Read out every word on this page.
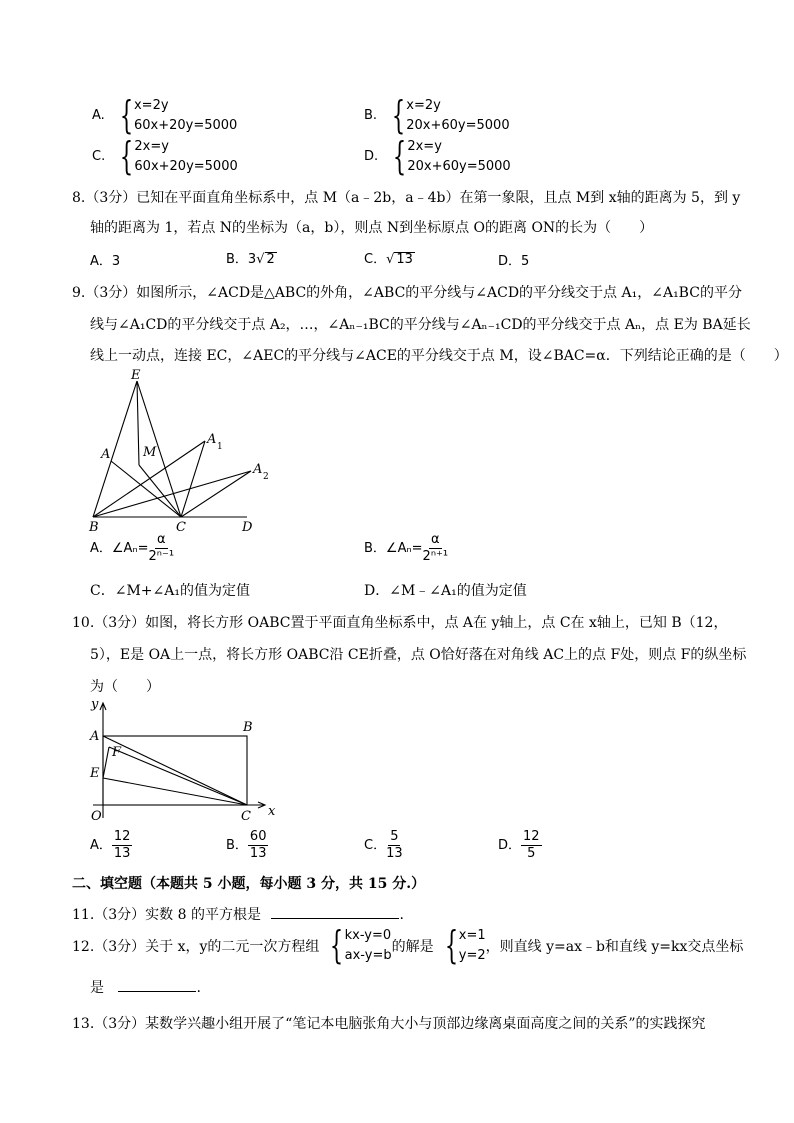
A. { x=2y
60x+20y=5000
B. { x=2y
20x+60y=5000
C. { 2x=y
60x+20y=5000
D. { 2x=y
20x+60y=5000
8.（3分）已知在平面直角坐标系中，点 M（a﹣2b，a﹣4b）在第一象限，且点 M到 x轴的距离为 5，到 y
轴的距离为 1，若点 N的坐标为（a，b），则点 N到坐标原点 O的距离 ON的长为（　　）
A．3	B．3√ 2	C．√ 13	D．5
9.（3分）如图所示，∠ACD是△ABC的外角，∠ABC的平分线与∠ACD的平分线交于点 A₁，∠A₁BC的平分
线与∠A₁CD的平分线交于点 A₂，…，∠Aₙ₋₁BC的平分线与∠Aₙ₋₁CD的平分线交于点 Aₙ，点 E为 BA延长
线上一动点，连接 EC，∠AEC的平分线与∠ACE的平分线交于点 M，设∠BAC=α．下列结论正确的是（　　）
E
A	M
A 1
A 2
B	C	D
A．∠Aₙ= $\frac{\alpha}{\text{2ⁿ⁻¹}}$	B．∠Aₙ= $\frac{\alpha}{\text{2ⁿ⁺¹}}$
C．∠M+∠A₁的值为定值	D．∠M﹣∠A₁的值为定值
10.（3分）如图，将长方形 OABC置于平面直角坐标系中，点 A在 y轴上，点 C在 x轴上，已知 B（12，
5），E是 OA上一点，将长方形 OABC沿 CE折叠，点 O恰好落在对角线 AC上的点 F处，则点 F的纵坐标
为（　　）
y
x
A
B
F
E
O	C
A． $\frac{12}{13}$	B． $\frac{60}{13}$	C． $\frac{5}{13}$	D． $\frac{12}{5}$
二、填空题（本题共 5 小题，每小题 3 分，共 15 分.）
11.（3分）实数 8 的平方根是	.
12.（3分）关于 x，y的二元一次方程组 { kx-y=0
ax-y=b
的解是 { x=1
y=2
，则直线 y=ax﹣b和直线 y=kx交点坐标
是	.
13.（3分）某数学兴趣小组开展了“笔记本电脑张角大小与顶部边缘离桌面高度之间的关系”的实践探究
